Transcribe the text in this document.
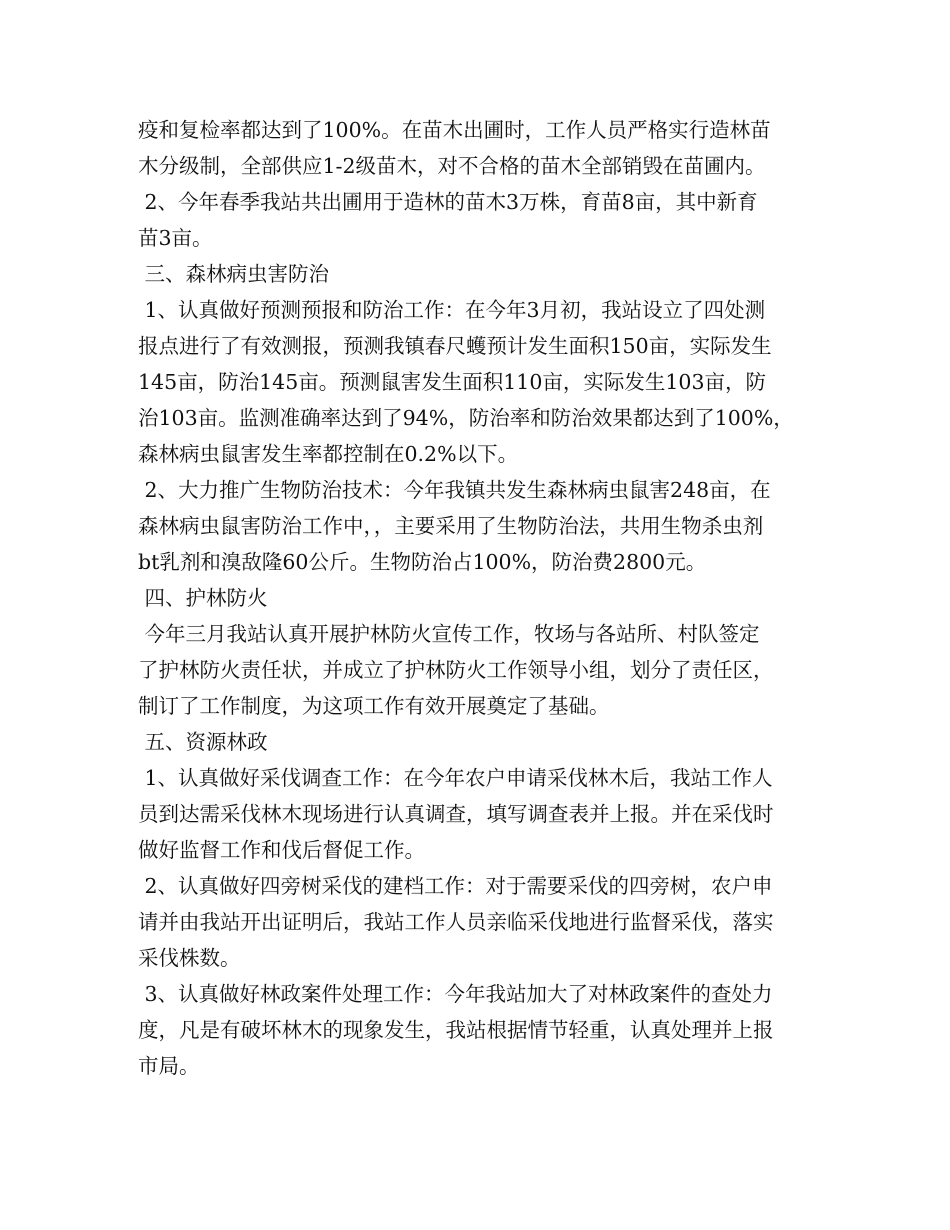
疫和复检率都达到了100%。在苗木出圃时，工作人员严格实行造林苗
木分级制，全部供应1-2级苗木，对不合格的苗木全部销毁在苗圃内。
2、今年春季我站共出圃用于造林的苗木3万株，育苗8亩，其中新育
苗3亩。
三、森林病虫害防治
1、认真做好预测预报和防治工作：在今年3月初，我站设立了四处测
报点进行了有效测报，预测我镇春尺蠖预计发生面积150亩，实际发生
145亩，防治145亩。预测鼠害发生面积110亩，实际发生103亩，防
治103亩。监测准确率达到了94%，防治率和防治效果都达到了100%，
森林病虫鼠害发生率都控制在0.2%以下。
2、大力推广生物防治技术：今年我镇共发生森林病虫鼠害248亩，在
森林病虫鼠害防治工作中，，主要采用了生物防治法，共用生物杀虫剂
bt乳剂和溴敌隆60公斤。生物防治占100%，防治费2800元。
四、护林防火
今年三月我站认真开展护林防火宣传工作，牧场与各站所、村队签定
了护林防火责任状，并成立了护林防火工作领导小组，划分了责任区，
制订了工作制度，为这项工作有效开展奠定了基础。
五、资源林政
1、认真做好采伐调查工作：在今年农户申请采伐林木后，我站工作人
员到达需采伐林木现场进行认真调查，填写调查表并上报。并在采伐时
做好监督工作和伐后督促工作。
2、认真做好四旁树采伐的建档工作：对于需要采伐的四旁树，农户申
请并由我站开出证明后，我站工作人员亲临采伐地进行监督采伐，落实
采伐株数。
3、认真做好林政案件处理工作：今年我站加大了对林政案件的查处力
度，凡是有破坏林木的现象发生，我站根据情节轻重，认真处理并上报
市局。
